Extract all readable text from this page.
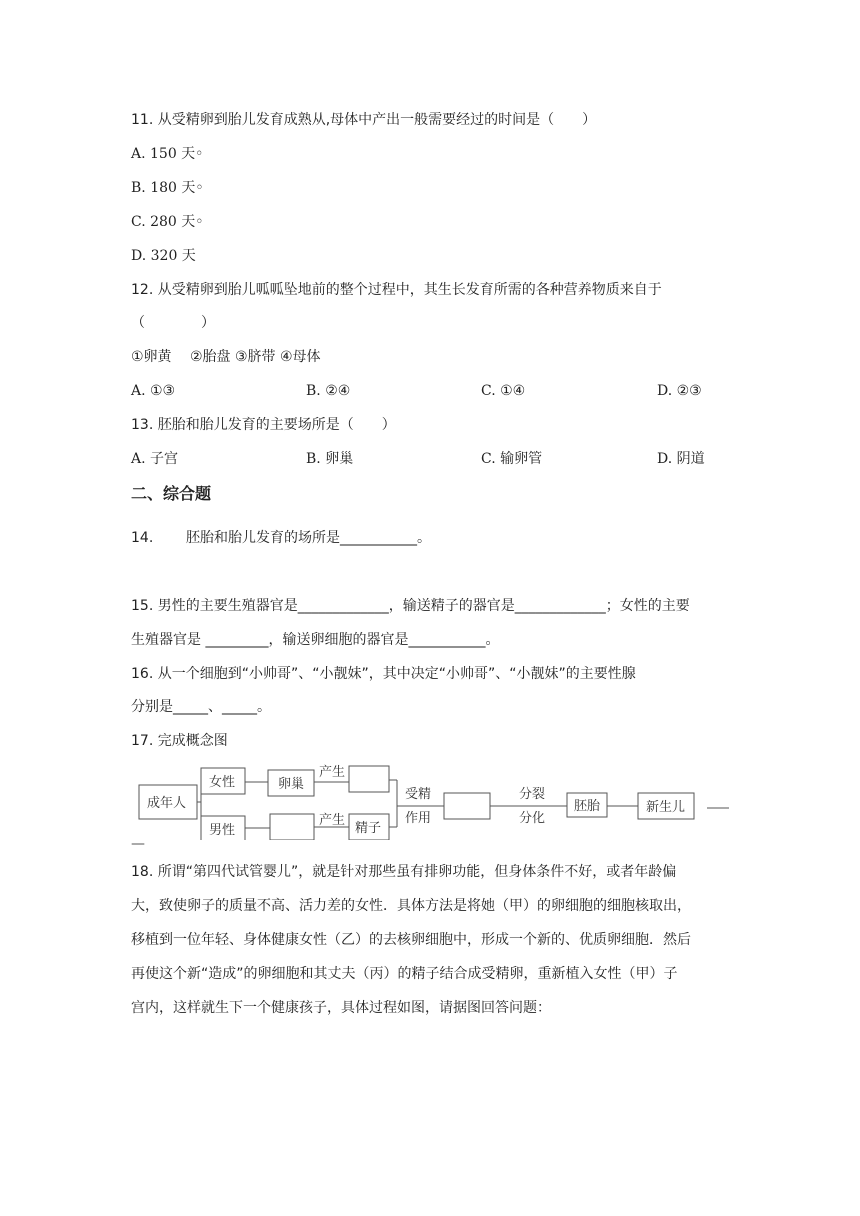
11. 从受精卵到胎儿发育成熟从,母体中产出一般需要经过的时间是（　　）
A. 150 天◦
B. 180 天◦
C. 280 天◦
D. 320 天
12. 从受精卵到胎儿呱呱坠地前的整个过程中，其生长发育所需的各种营养物质来自于
（　　　　）
①卵黄　 ②胎盘 ③脐带 ④母体
A. ①③	B. ②④	C. ①④	D. ②③
13. 胚胎和胎儿发育的主要场所是（　　）
A. 子宫	B. 卵巢	C. 输卵管	D. 阴道
二、综合题
14. 胚胎和胎儿发育的场所是___________。
15. 男性的主要生殖器官是_____________，输送精子的器官是_____________；女性的主要
生殖器官是 _________，输送卵细胞的器官是___________。
16. 从一个细胞到“小帅哥”、“小靓妹”，其中决定“小帅哥”、“小靓妹”的主要性腺
分别是_____、_____。
17. 完成概念图
成年人
女性	卵巢
产生
男性
产生
精子
受精
作用
分裂
分化
胚胎	新生儿
—
18. 所谓“第四代试管婴儿”，就是针对那些虽有排卵功能，但身体条件不好，或者年龄偏
大，致使卵子的质量不高、活力差的女性．具体方法是将她（甲）的卵细胞的细胞核取出，
移植到一位年轻、身体健康女性（乙）的去核卵细胞中，形成一个新的、优质卵细胞．然后
再使这个新“造成”的卵细胞和其丈夫（丙）的精子结合成受精卵，重新植入女性（甲）子
宫内，这样就生下一个健康孩子，具体过程如图，请据图回答问题：
